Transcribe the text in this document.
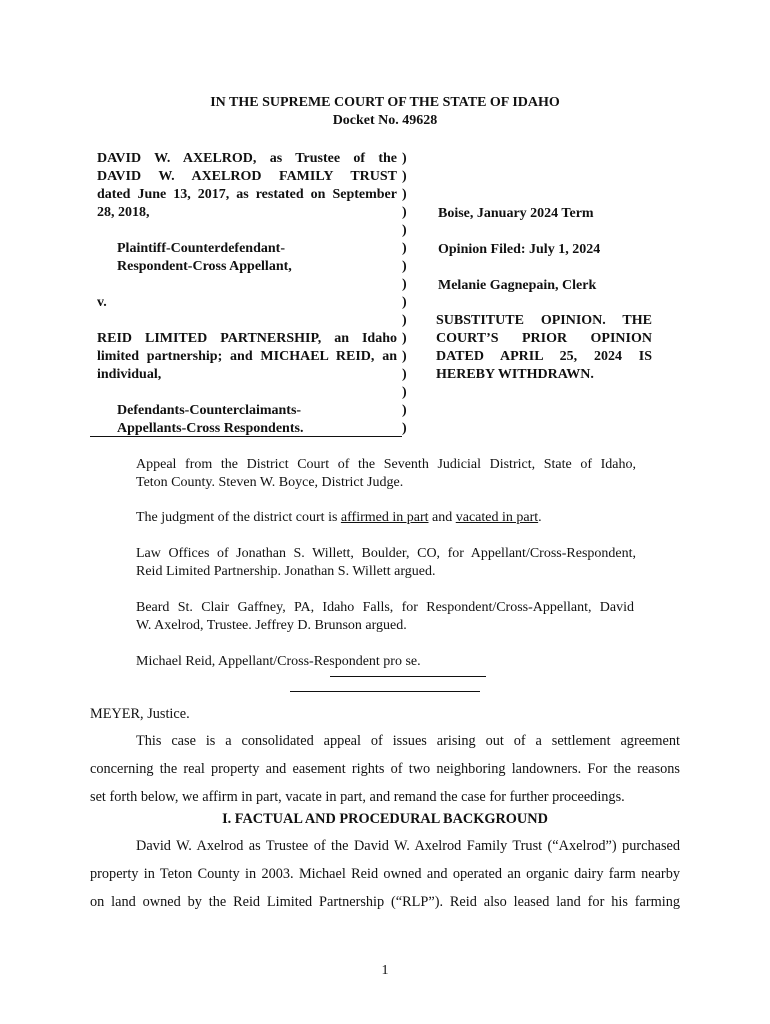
IN THE SUPREME COURT OF THE STATE OF IDAHO
Docket No. 49628
DAVID W. AXELROD, as Trustee of the
DAVID W. AXELROD FAMILY TRUST
dated June 13, 2017, as restated on September
28, 2018,
Plaintiff-Counterdefendant-
Respondent-Cross Appellant,
v.
REID LIMITED PARTNERSHIP, an Idaho
limited partnership; and MICHAEL REID, an
individual,
Defendants-Counterclaimants-
Appellants-Cross Respondents.
)
)
)
)
)
)
)
)
)
)
)
)
)
)
)
)
Boise, January 2024 Term
Opinion Filed: July 1, 2024
Melanie Gagnepain, Clerk
SUBSTITUTE OPINION. THE
COURT’S PRIOR OPINION
DATED APRIL 25, 2024 IS
HEREBY WITHDRAWN.
Appeal from the District Court of the Seventh Judicial District, State of Idaho,
Teton County. Steven W. Boyce, District Judge.
The judgment of the district court is affirmed in part and vacated in part.
Law Offices of Jonathan S. Willett, Boulder, CO, for Appellant/Cross-Respondent,
Reid Limited Partnership. Jonathan S. Willett argued.
Beard St. Clair Gaffney, PA, Idaho Falls, for Respondent/Cross-Appellant, David
W. Axelrod, Trustee. Jeffrey D. Brunson argued.
Michael Reid, Appellant/Cross-Respondent pro se.
MEYER, Justice.
This case is a consolidated appeal of issues arising out of a settlement agreement
concerning the real property and easement rights of two neighboring landowners. For the reasons
set forth below, we affirm in part, vacate in part, and remand the case for further proceedings.
I. FACTUAL AND PROCEDURAL BACKGROUND
David W. Axelrod as Trustee of the David W. Axelrod Family Trust (“Axelrod”) purchased
property in Teton County in 2003. Michael Reid owned and operated an organic dairy farm nearby
on land owned by the Reid Limited Partnership (“RLP”). Reid also leased land for his farming
1
